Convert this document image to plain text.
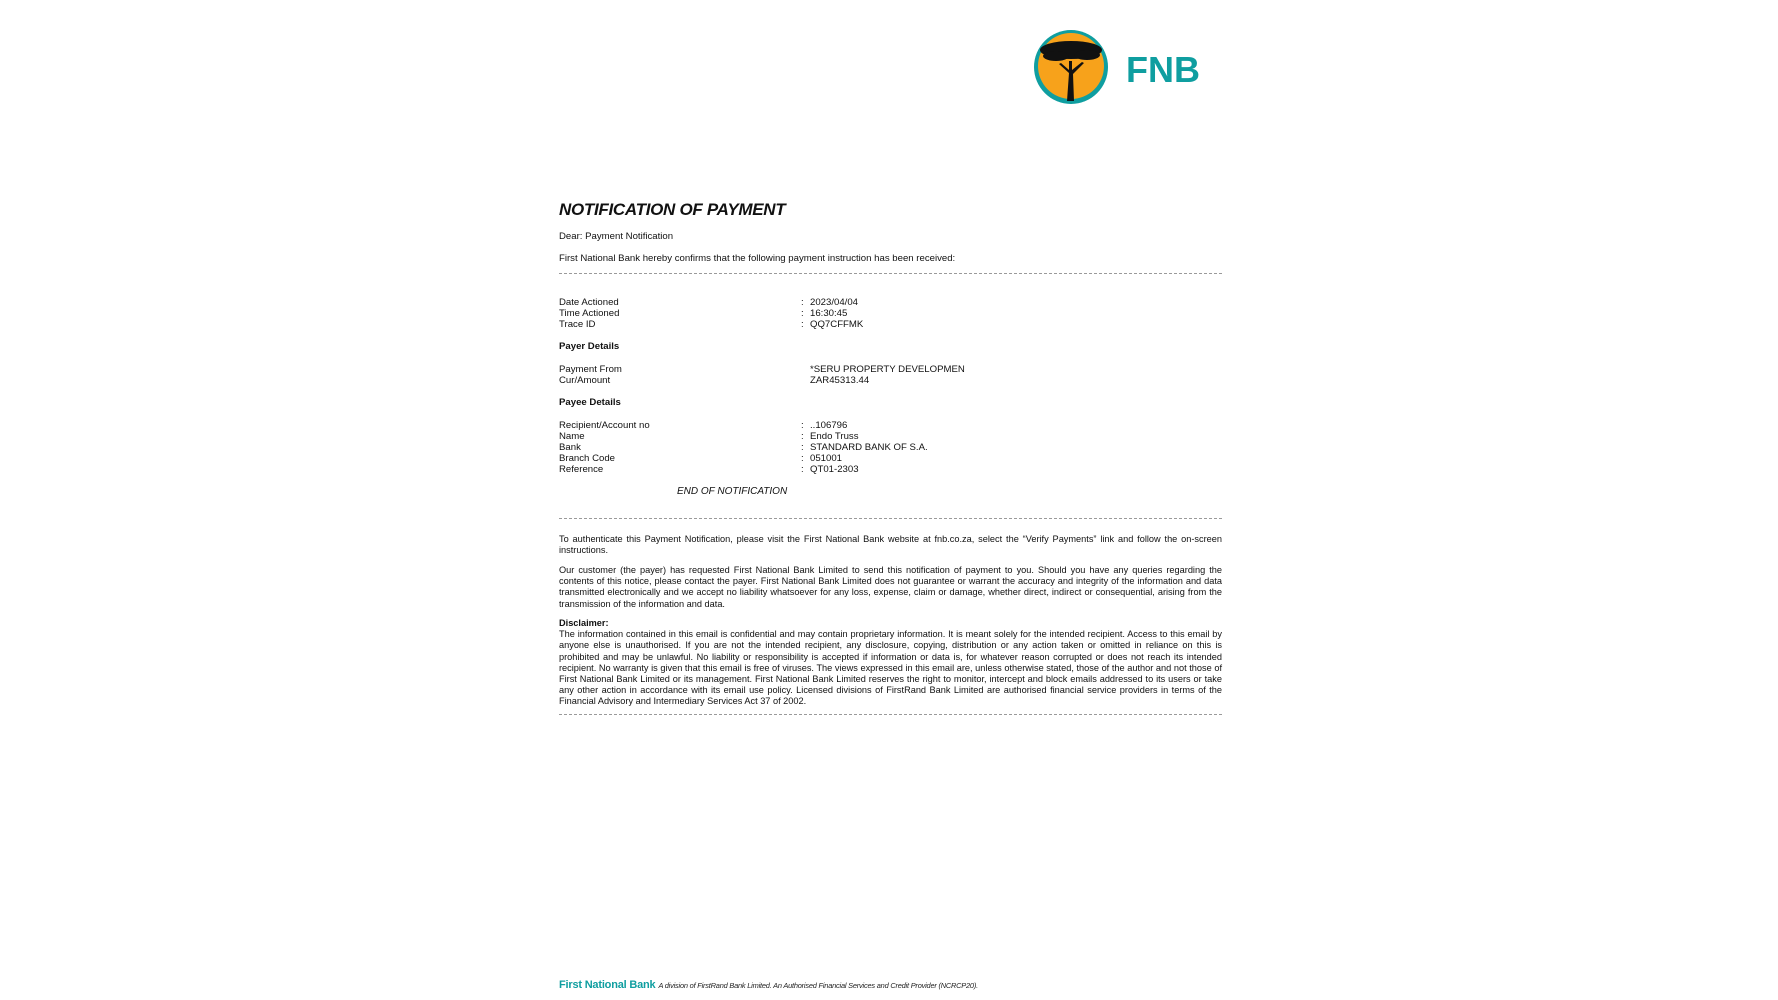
FNB
NOTIFICATION OF PAYMENT
Dear: Payment Notification
First National Bank hereby confirms that the following payment instruction has been received:
Date Actioned	: 2023/04/04
Time Actioned	: 16:30:45
Trace ID	: QQ7CFFMK
Payer Details
Payment From	*SERU PROPERTY DEVELOPMEN
Cur/Amount	ZAR45313.44
Payee Details
Recipient/Account no	: ..106796
Name	: Endo Truss
Bank	: STANDARD BANK OF S.A.
Branch Code	: 051001
Reference	: QT01-2303
END OF NOTIFICATION

To authenticate this Payment Notification, please visit the First National Bank website at fnb.co.za, select the “Verify Payments” link and follow the on-screen instructions.

Our customer (the payer) has requested First National Bank Limited to send this notification of payment to you. Should you have any queries regarding the contents of this notice, please contact the payer. First National Bank Limited does not guarantee or warrant the accuracy and integrity of the information and data transmitted electronically and we accept no liability whatsoever for any loss, expense, claim or damage, whether direct, indirect or consequential, arising from the transmission of the information and data.

Disclaimer:
The information contained in this email is confidential and may contain proprietary information. It is meant solely for the intended recipient. Access to this email by anyone else is unauthorised. If you are not the intended recipient, any disclosure, copying, distribution or any action taken or omitted in reliance on this is prohibited and may be unlawful. No liability or responsibility is accepted if information or data is, for whatever reason corrupted or does not reach its intended recipient. No warranty is given that this email is free of viruses. The views expressed in this email are, unless otherwise stated, those of the author and not those of First National Bank Limited or its management. First National Bank Limited reserves the right to monitor, intercept and block emails addressed to its users or take any other action in accordance with its email use policy. Licensed divisions of FirstRand Bank Limited are authorised financial service providers in terms of the Financial Advisory and Intermediary Services Act 37 of 2002.

First National Bank A division of FirstRand Bank Limited. An Authorised Financial Services and Credit Provider (NCRCP20).
